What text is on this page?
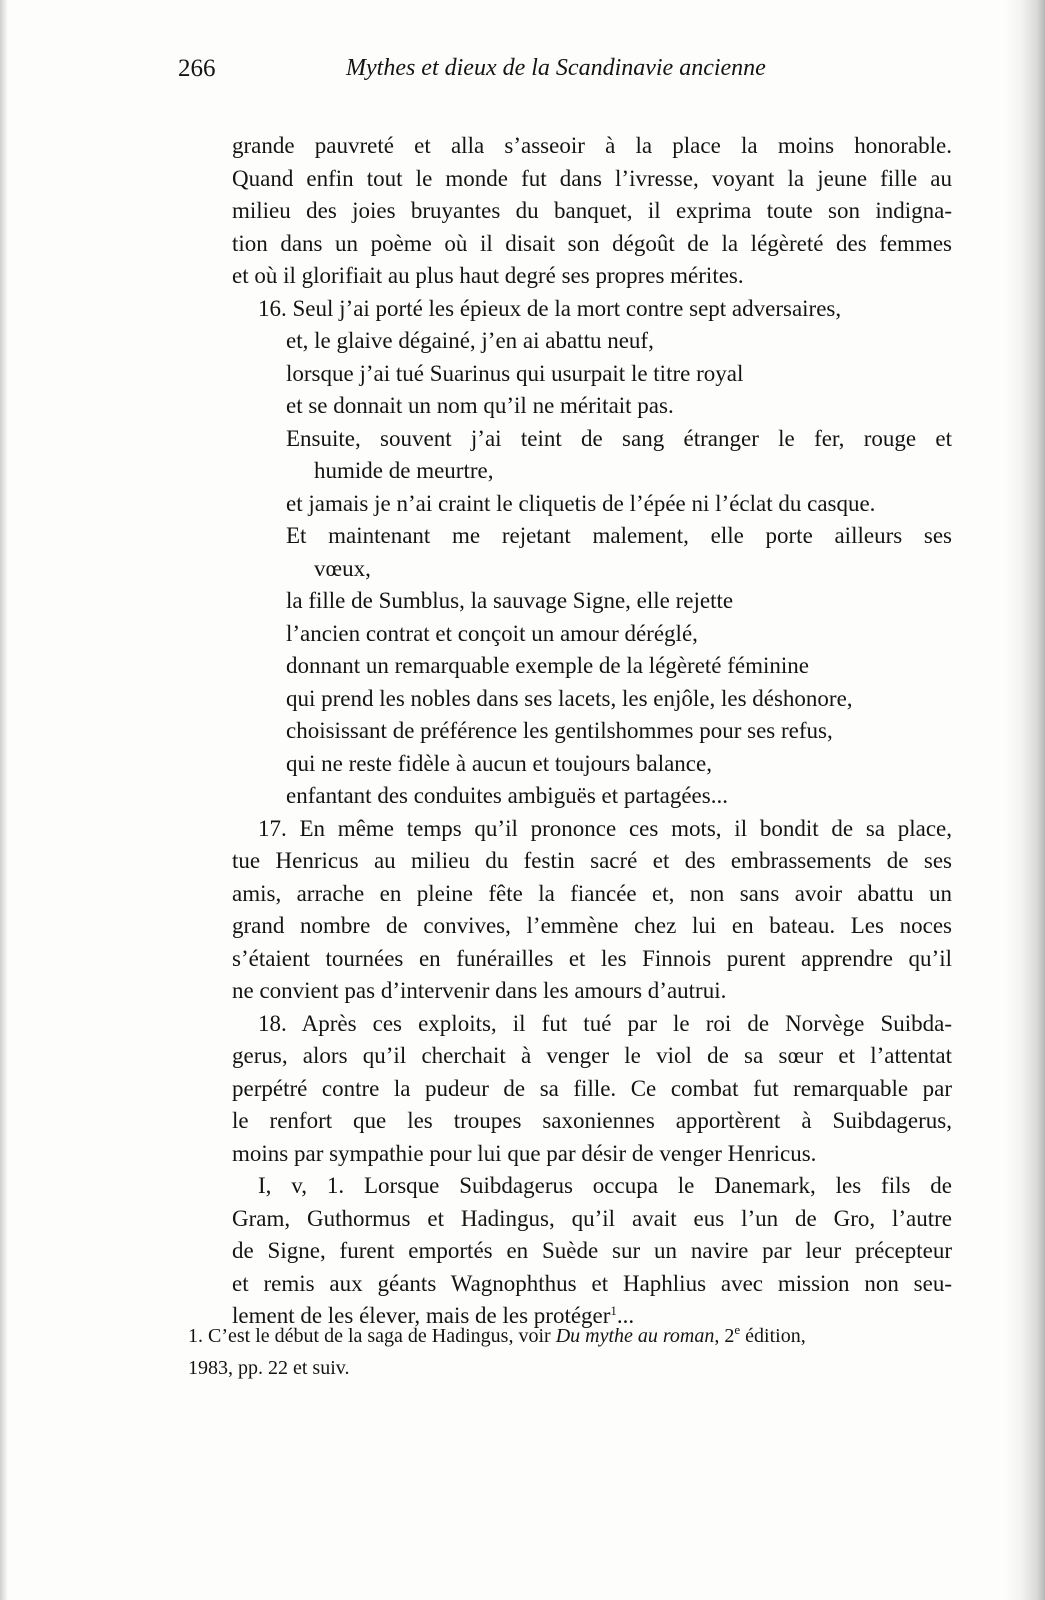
266	Mythes et dieux de la Scandinavie ancienne
grande pauvreté et alla s’asseoir à la place la moins honorable.
Quand enfin tout le monde fut dans l’ivresse, voyant la jeune fille au
milieu des joies bruyantes du banquet, il exprima toute son indigna-
tion dans un poème où il disait son dégoût de la légèreté des femmes
et où il glorifiait au plus haut degré ses propres mérites.
16. Seul j’ai porté les épieux de la mort contre sept adversaires,
et, le glaive dégainé, j’en ai abattu neuf,
lorsque j’ai tué Suarinus qui usurpait le titre royal
et se donnait un nom qu’il ne méritait pas.
Ensuite, souvent j’ai teint de sang étranger le fer, rouge et
humide de meurtre,
et jamais je n’ai craint le cliquetis de l’épée ni l’éclat du casque.
Et maintenant me rejetant malement, elle porte ailleurs ses
vœux,
la fille de Sumblus, la sauvage Signe, elle rejette
l’ancien contrat et conçoit un amour déréglé,
donnant un remarquable exemple de la légèreté féminine
qui prend les nobles dans ses lacets, les enjôle, les déshonore,
choisissant de préférence les gentilshommes pour ses refus,
qui ne reste fidèle à aucun et toujours balance,
enfantant des conduites ambiguës et partagées...
17. En même temps qu’il prononce ces mots, il bondit de sa place,
tue Henricus au milieu du festin sacré et des embrassements de ses
amis, arrache en pleine fête la fiancée et, non sans avoir abattu un
grand nombre de convives, l’emmène chez lui en bateau. Les noces
s’étaient tournées en funérailles et les Finnois purent apprendre qu’il
ne convient pas d’intervenir dans les amours d’autrui.
18. Après ces exploits, il fut tué par le roi de Norvège Suibda-
gerus, alors qu’il cherchait à venger le viol de sa sœur et l’attentat
perpétré contre la pudeur de sa fille. Ce combat fut remarquable par
le renfort que les troupes saxoniennes apportèrent à Suibdagerus,
moins par sympathie pour lui que par désir de venger Henricus.
I, v, 1. Lorsque Suibdagerus occupa le Danemark, les fils de
Gram, Guthormus et Hadingus, qu’il avait eus l’un de Gro, l’autre
de Signe, furent emportés en Suède sur un navire par leur précepteur
et remis aux géants Wagnophthus et Haphlius avec mission non seu-
lement de les élever, mais de les protéger$^1$...
1. C’est le début de la saga de Hadingus, voir Du mythe au roman, 2e édition,
1983, pp. 22 et suiv.
